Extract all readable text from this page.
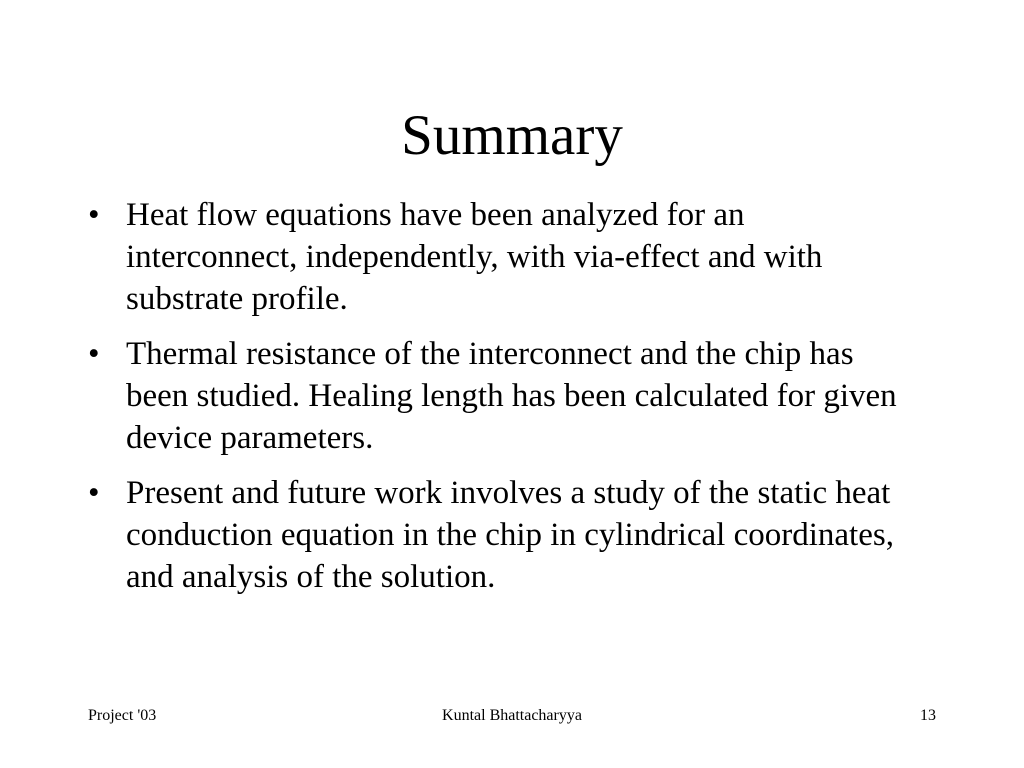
Summary
• Heat flow equations have been analyzed for an interconnect, independently, with via-effect and with substrate profile.
• Thermal resistance of the interconnect and the chip has been studied. Healing length has been calculated for given device parameters.
• Present and future work involves a study of the static heat conduction equation in the chip in cylindrical coordinates, and analysis of the solution.
Project '03	Kuntal Bhattacharyya	13
